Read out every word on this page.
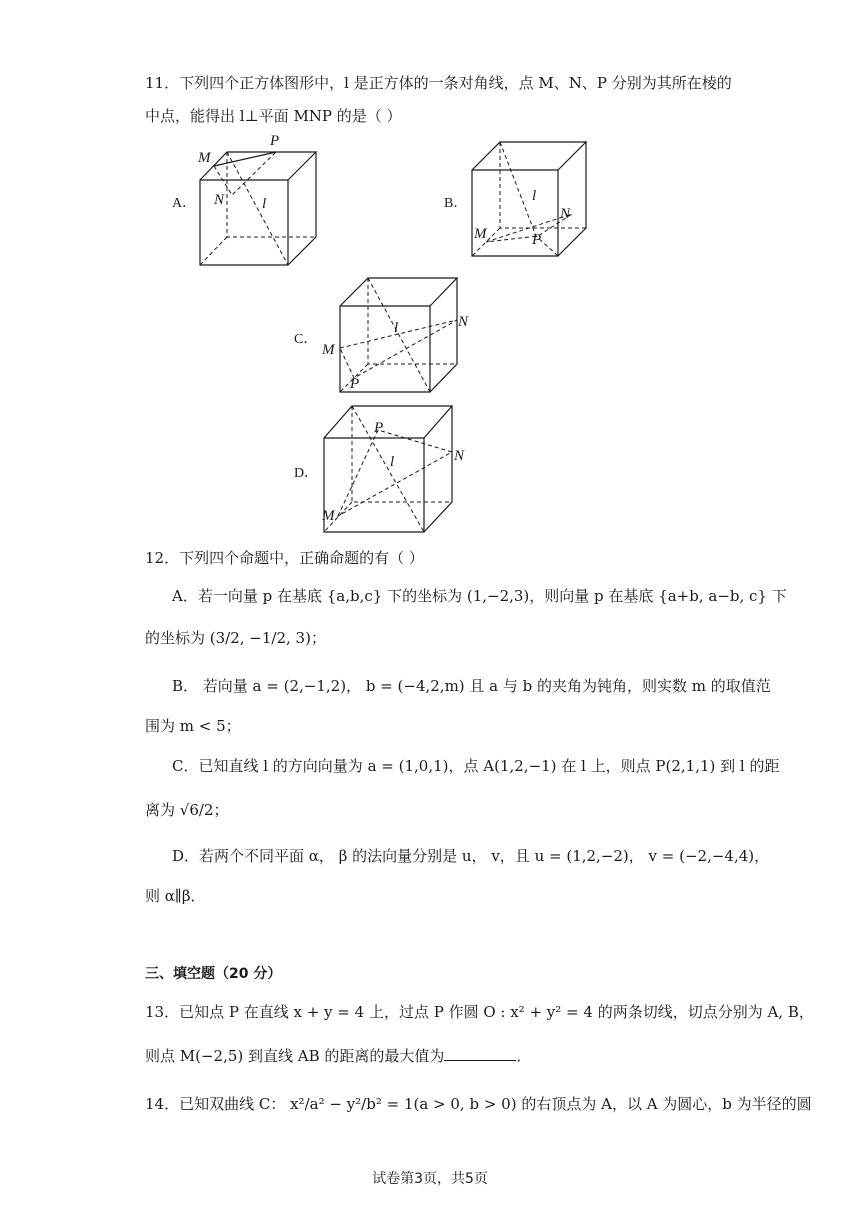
11．下列四个正方体图形中，l 是正方体的一条对角线，点 M、N、P 分别为其所在棱的
中点，能得出 l⊥平面 MNP 的是（ ）
A．
M
P
N	l	B．	l
N
M	P
C．
l	N
M
P
D．
P
l	N
M
12．下列四个命题中，正确命题的有（ ）
A．若一向量 p 在基底 {a,b,c} 下的坐标为 (1,−2,3)，则向量 p 在基底 {a+b, a−b, c} 下
的坐标为 (3/2, −1/2, 3)；
B． 若向量 a = (2,−1,2)， b = (−4,2,m) 且 a 与 b 的夹角为钝角，则实数 m 的取值范
围为 m < 5；
C．已知直线 l 的方向向量为 a = (1,0,1)，点 A(1,2,−1) 在 l 上，则点 P(2,1,1) 到 l 的距
离为 √6/2；
D．若两个不同平面 α， β 的法向量分别是 u， v，且 u = (1,2,−2)， v = (−2,−4,4)，
则 α∥β．
三、填空题（20 分）
13．已知点 P 在直线 x + y = 4 上，过点 P 作圆 O : x² + y² = 4 的两条切线，切点分别为 A, B，
则点 M(−2,5) 到直线 AB 的距离的最大值为	．
14．已知双曲线 C： x²/a² − y²/b² = 1(a > 0, b > 0) 的右顶点为 A，以 A 为圆心，b 为半径的圆
试卷第3页，共5页
